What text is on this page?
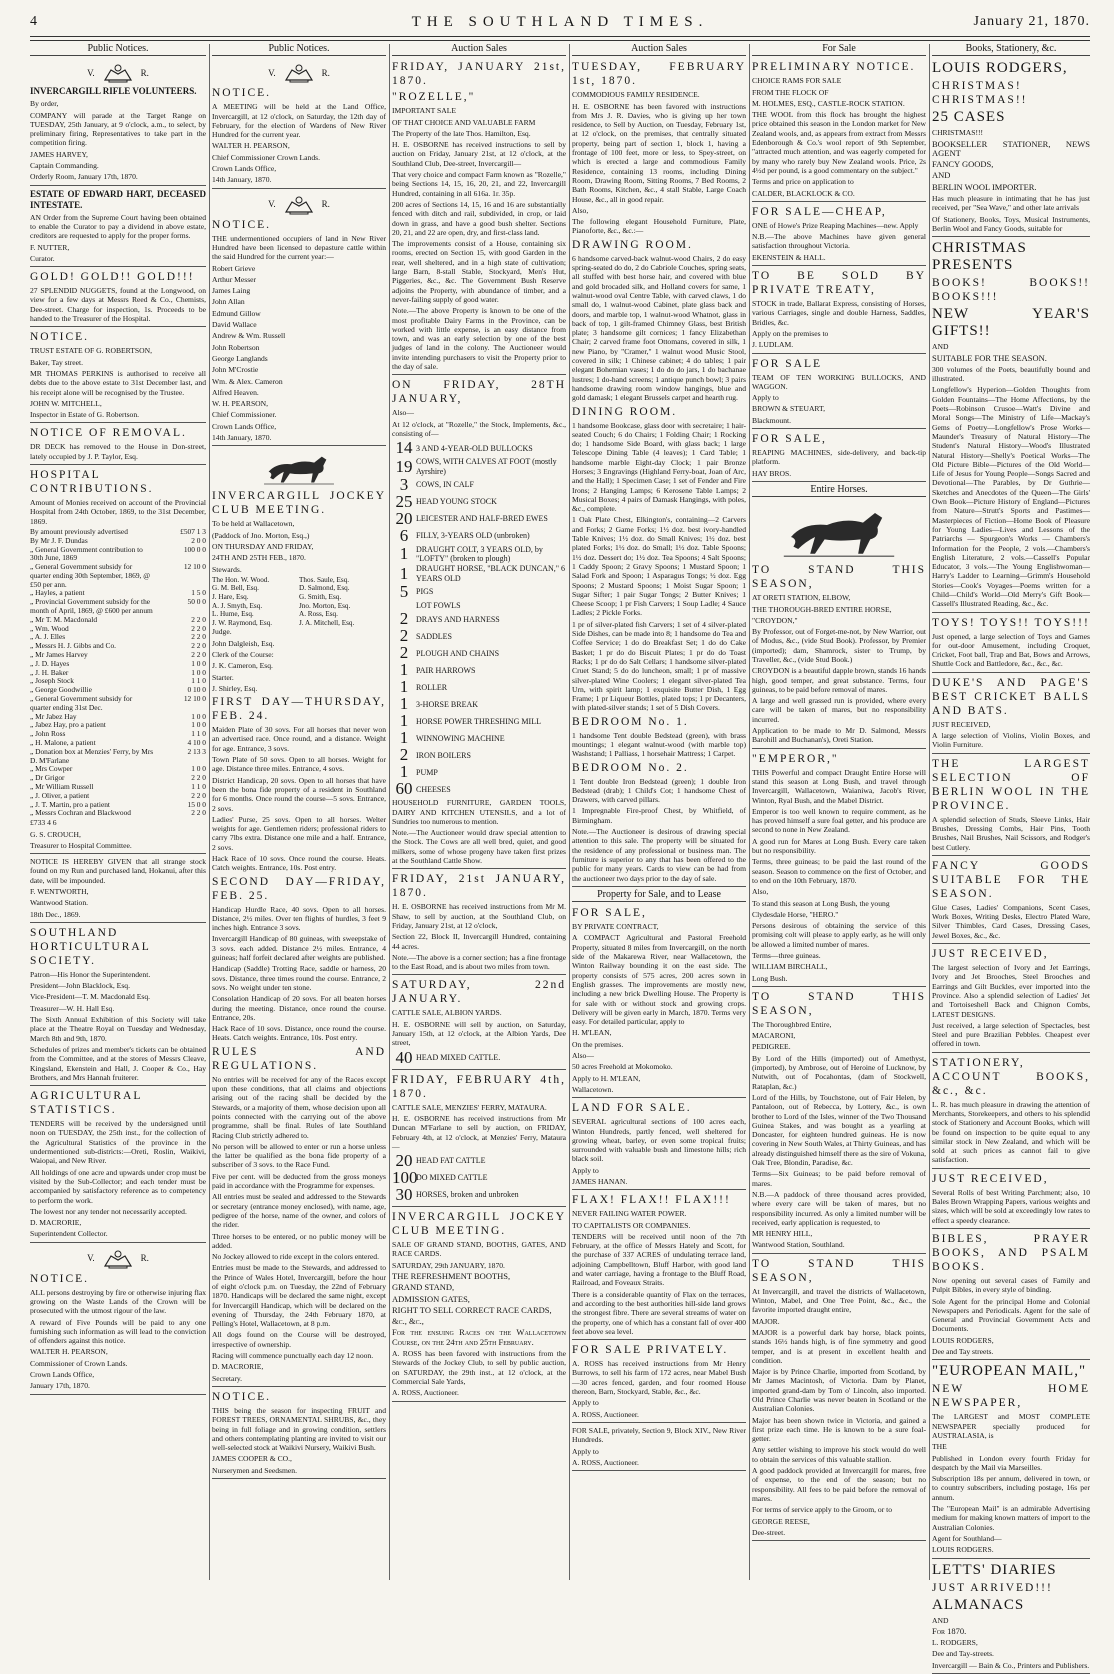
4	THE SOUTHLAND TIMES.	January 21, 1870.
Public Notices.
V.	R.

INVERCARGILL RIFLE VOLUNTEERS.

By order,

COMPANY will parade at the Target Range on TUESDAY, 25th January, at 9 o'clock, a.m., to select, by preliminary firing, Representatives to take part in the competition firing.

JAMES HARVEY,

Captain Commanding.

Orderly Room, January 17th, 1870.

ESTATE OF EDWARD HART, DECEASED INTESTATE.

AN Order from the Supreme Court having been obtained to enable the Curator to pay a dividend in above estate, creditors are requested to apply for the proper forms.

F. NUTTER,

Curator.

GOLD! GOLD!! GOLD!!!

27 SPLENDID NUGGETS, found at the Longwood, on view for a few days at Messrs Reed & Co., Chemists, Dee-street. Charge for inspection, 1s. Proceeds to be handed to the Treasurer of the Hospital.

NOTICE.

TRUST ESTATE OF G. ROBERTSON,

Baker, Tay street.

MR THOMAS PERKINS is authorised to receive all debts due to the above estate to 31st December last, and his receipt alone will be recognised by the Trustee.

JOHN W. MITCHELL,

Inspector in Estate of G. Robertson.

NOTICE OF REMOVAL.

DR DECK has removed to the House in Don-street, lately occupied by J. P. Taylor, Esq.

HOSPITAL CONTRIBUTIONS.

Amount of Monies received on account of the Provincial Hospital from 24th October, 1869, to the 31st December, 1869.

By amount previously advertised	£507 1 3
By Mr J. F. Dundas	2 0 0
„ General Government contribution to 30th June, 1869	100 0 0
„ General Government subsidy for quarter ending 30th September, 1869, @ £50 per ann.	12 10 0
„ Hayles, a patient	1 5 0
„ Provincial Government subsidy for the month of April, 1869, @ £600 per annum	50 0 0
„ Mr T. M. Macdonald	2 2 0
„ Wm. Wood	2 2 0
„ A. J. Elles	2 2 0
„ Messrs H. J. Gibbs and Co.	2 2 0
„ Mr James Harvey	2 2 0
„ J. D. Hayes	1 0 0
„ J. H. Baker	1 0 0
„ Joseph Stock	1 1 0
„ George Goodwillie	0 10 0
„ General Government subsidy for quarter ending 31st Dec.	12 10 0
„ Mr Jabez Hay	1 0 0
„ Jabez Hay, pro a patient	1 0 0
„ John Ross	1 1 0
„ H. Malone, a patient	4 10 0
„ Donation box at Menzies' Ferry, by Mrs D. M'Farlane	2 13 3
„ Mrs Cowper	1 0 0
„ Dr Grigor	2 2 0
„ Mr William Russell	1 1 0
„ J. Oliver, a patient	2 2 0
„ J. T. Martin, pro a patient	15 0 0
„ Messrs Cochran and Blackwood	2 2 0

£733 4 6

G. S. CROUCH,

Treasurer to Hospital Committee.

NOTICE IS HEREBY GIVEN that all strange stock found on my Run and purchased land, Hokanui, after this date, will be impounded.

F. WENTWORTH,

Wantwood Station.

18th Dec., 1869.

SOUTHLAND HORTICULTURAL SOCIETY.

Patron—His Honor the Superintendent.

President—John Blacklock, Esq.

Vice-President—T. M. Macdonald Esq.

Treasurer—W. H. Hall Esq.

The Sixth Annual Exhibition of this Society will take place at the Theatre Royal on Tuesday and Wednesday, March 8th and 9th, 1870.

Schedules of prizes and member's tickets can be obtained from the Committee, and at the stores of Messrs Cleave, Kingsland, Ekenstein and Hall, J. Cooper & Co., Hay Brothers, and Mrs Hannah fruiterer.

AGRICULTURAL STATISTICS.

TENDERS will be received by the undersigned until noon on TUESDAY, the 25th inst., for the collection of the Agricultural Statistics of the province in the undermentioned sub-districts:—Oreti, Roslin, Waikivi, Waiopai, and New River.

All holdings of one acre and upwards under crop must be visited by the Sub-Collector; and each tender must be accompanied by satisfactory reference as to competency to perform the work.

The lowest nor any tender not necessarily accepted.

D. MACRORIE,

Superintendent Collector.

V.	R.

NOTICE.

ALL persons destroying by fire or otherwise injuring flax growing on the Waste Lands of the Crown will be prosecuted with the utmost rigour of the law.

A reward of Five Pounds will be paid to any one furnishing such information as will lead to the conviction of offenders against this notice.

WALTER H. PEARSON,

Commissioner of Crown Lands.

Crown Lands Office,

January 17th, 1870.

Public Notices.
V.	R.

NOTICE.

A MEETING will be held at the Land Office, Invercargill, at 12 o'clock, on Saturday, the 12th day of February, for the election of Wardens of New River Hundred for the current year.

WALTER H. PEARSON,

Chief Commissioner Crown Lands.

Crown Lands Office,

14th January, 1870.

V.	R.

NOTICE.

THE undermentioned occupiers of land in New River Hundred have been licensed to depasture cattle within the said Hundred for the current year:—

Robert Grieve

Arthur Messer

James Laing

John Allan

Edmund Gillow

David Wallace

Andrew & Wm. Russell

John Robertson

George Langlands

John M'Crostie

Wm. & Alex. Cameron

Alfred Heaven.

W. H. PEARSON,

Chief Commissioner.

Crown Lands Office,

14th January, 1870.

INVERCARGILL JOCKEY CLUB MEETING.

To be held at Wallacetown,

(Paddock of Jno. Morton, Esq.,)

ON THURSDAY AND FRIDAY,

24TH AND 25TH FEB., 1870.

Stewards.

The Hon. W. Wood.	Thos. Saule, Esq.
G. M. Bell, Esq.	D. Salmond, Esq.
J. Hare, Esq.	G. Smith, Esq.
A. J. Smyth, Esq.	Jno. Morton, Esq.
L. Hume, Esq.	A. Ross, Esq.
J. W. Raymond, Esq.	J. A. Mitchell, Esq.

Judge.

John Dalgleish, Esq.

Clerk of the Course:

J. K. Cameron, Esq.

Starter.

J. Shirley, Esq.

FIRST DAY—THURSDAY, FEB. 24.

Maiden Plate of 30 sovs. For all horses that never won an advertised race. Once round, and a distance. Weight for age. Entrance, 3 sovs.

Town Plate of 50 sovs. Open to all horses. Weight for age. Distance three miles. Entrance, 4 sovs.

District Handicap, 20 sovs. Open to all horses that have been the bona fide property of a resident in Southland for 6 months. Once round the course—5 sovs. Entrance, 2 sovs.

Ladies' Purse, 25 sovs. Open to all horses. Welter weights for age. Gentlemen riders; professional riders to carry 7lbs extra. Distance one mile and a half. Entrance, 2 sovs.

Hack Race of 10 sovs. Once round the course. Heats. Catch weights. Entrance, 10s. Post entry.

SECOND DAY—FRIDAY, FEB. 25.

Handicap Hurdle Race, 40 sovs. Open to all horses. Distance, 2½ miles. Over ten flights of hurdles, 3 feet 9 inches high. Entrance 3 sovs.

Invercargill Handicap of 80 guineas, with sweepstake of 3 sovs. each added. Distance 2½ miles. Entrance, 4 guineas; half forfeit declared after weights are published.

Handicap (Saddle) Trotting Race, saddle or harness, 20 sovs. Distance, three times round the course. Entrance, 2 sovs. No weight under ten stone.

Consolation Handicap of 20 sovs. For all beaten horses during the meeting. Distance, once round the course. Entrance, 20s.

Hack Race of 10 sovs. Distance, once round the course. Heats. Catch weights. Entrance, 10s. Post entry.

RULES AND REGULATIONS.

No entries will be received for any of the Races except upon these conditions, that all claims and objections arising out of the racing shall be decided by the Stewards, or a majority of them, whose decision upon all points connected with the carrying out of the above programme, shall be final. Rules of late Southland Racing Club strictly adhered to.

No person will be allowed to enter or run a horse unless the latter be qualified as the bona fide property of a subscriber of 3 sovs. to the Race Fund.

Five per cent. will be deducted from the gross moneys paid in accordance with the Programme for expenses.

All entries must be sealed and addressed to the Stewards or secretary (entrance money enclosed), with name, age, pedigree of the horse, name of the owner, and colors of the rider.

Three horses to be entered, or no public money will be added.

No Jockey allowed to ride except in the colors entered.

Entries must be made to the Stewards, and addressed to the Prince of Wales Hotel, Invercargill, before the hour of eight o'clock p.m. on Tuesday, the 22nd of February 1870. Handicaps will be declared the same night, except for Invercargill Handicap, which will be declared on the evening of Thursday, the 24th February 1870, at Pelling's Hotel, Wallacetown, at 8 p.m.

All dogs found on the Course will be destroyed, irrespective of ownership.

Racing will commence punctually each day 12 noon.

D. MACRORIE,

Secretary.

NOTICE.

THIS being the season for inspecting FRUIT and FOREST TREES, ORNAMENTAL SHRUBS, &c., they being in full foliage and in growing condition, settlers and others contemplating planting are invited to visit our well-selected stock at Waikivi Nursery, Waikivi Bush.

JAMES COOPER & CO.,

Nurserymen and Seedsmen.

Auction Sales

FRIDAY, JANUARY 21st, 1870.

"ROZELLE,"

IMPORTANT SALE

OF THAT CHOICE AND VALUABLE FARM

The Property of the late Thos. Hamilton, Esq.

H. E. OSBORNE has received instructions to sell by auction on Friday, January 21st, at 12 o'clock, at the Southland Club, Dee-street, Invercargill—

That very choice and compact Farm known as "Rozelle," being Sections 14, 15, 16, 20, 21, and 22, Invercargill Hundred, containing in all 616a. 1r. 35p.

200 acres of Sections 14, 15, 16 and 16 are substantially fenced with ditch and rail, subdivided, in crop, or laid down in grass, and have a good bush shelter. Sections 20, 21, and 22 are open, dry, and first-class land.

The improvements consist of a House, containing six rooms, erected on Section 15, with good Garden in the rear, well sheltered, and in a high state of cultivation; large Barn, 8-stall Stable, Stockyard, Men's Hut, Piggeries, &c., &c. The Government Bush Reserve adjoins the Property, with abundance of timber, and a never-failing supply of good water.

Note.—The above Property is known to be one of the most profitable Dairy Farms in the Province, can be worked with little expense, is an easy distance from town, and was an early selection by one of the best judges of land in the colony. The Auctioneer would invite intending purchasers to visit the Property prior to the day of sale.

ON FRIDAY, 28TH JANUARY,

Also—

At 12 o'clock, at "Rozelle," the Stock, Implements, &c., consisting of—

14 3 AND 4-YEAR-OLD BULLOCKS
19 COWS, WITH CALVES AT FOOT (mostly Ayrshire)
3 COWS, IN CALF
25 HEAD YOUNG STOCK
20 LEICESTER AND HALF-BRED EWES
6 FILLY, 3-YEARS OLD (unbroken)
1 DRAUGHT COLT, 3 YEARS OLD, by "LOFTY" (broken to plough)
1 DRAUGHT HORSE, "BLACK DUNCAN," 6 YEARS OLD
5 PIGS
LOT FOWLS
2 DRAYS AND HARNESS
2 SADDLES
2 PLOUGH AND CHAINS
1 PAIR HARROWS
1 ROLLER
1 3-HORSE BREAK
1 HORSE POWER THRESHING MILL
1 WINNOWING MACHINE
2 IRON BOILERS
1 PUMP
60 CHEESES

HOUSEHOLD FURNITURE, GARDEN TOOLS, DAIRY AND KITCHEN UTENSILS, and a lot of Sundries too numerous to mention.

Note.—The Auctioneer would draw special attention to the Stock. The Cows are all well bred, quiet, and good milkers, some of whose progeny have taken first prizes at the Southland Cattle Show.

FRIDAY, 21st JANUARY, 1870.

H. E. OSBORNE has received instructions from Mr M. Shaw, to sell by auction, at the Southland Club, on Friday, January 21st, at 12 o'clock,

Section 22, Block II, Invercargill Hundred, containing 44 acres.

Note.—The above is a corner section; has a fine frontage to the East Road, and is about two miles from town.

SATURDAY, 22nd JANUARY.

CATTLE SALE, ALBION YARDS.

H. E. OSBORNE will sell by auction, on Saturday, January 15th, at 12 o'clock, at the Albion Yards, Dee street,

40 HEAD MIXED CATTLE.

FRIDAY, FEBRUARY 4th, 1870.

CATTLE SALE, MENZIES' FERRY, MATAURA.

H. E. OSBORNE has received instructions from Mr Duncan M'Farlane to sell by auction, on FRIDAY, February 4th, at 12 o'clock, at Menzies' Ferry, Mataura—

20 HEAD FAT CATTLE
100
DO MIXED CATTLE
30 HORSES, broken and unbroken

INVERCARGILL JOCKEY CLUB MEETING.

SALE OF GRAND STAND, BOOTHS, GATES, AND RACE CARDS.

SATURDAY, 29th JANUARY, 1870.

THE REFRESHMENT BOOTHS,

GRAND STAND,

ADMISSION GATES,

RIGHT TO SELL CORRECT RACE CARDS,

&c., &c.,

For the ensuing Races on the Wallacetown Course, on the 24th and 25th February.

A. ROSS has been favored with instructions from the Stewards of the Jockey Club, to sell by public auction, on SATURDAY, the 29th inst., at 12 o'clock, at the Commercial Sale Yards,

A. ROSS, Auctioneer.

Auction Sales

TUESDAY, FEBRUARY 1st, 1870.

COMMODIOUS FAMILY RESIDENCE.

H. E. OSBORNE has been favored with instructions from Mrs J. R. Davies, who is giving up her town residence, to Sell by Auction, on Tuesday, February 1st, at 12 o'clock, on the premises, that centrally situated property, being part of section 1, block 1, having a frontage of 100 feet, more or less, to Spey-street, on which is erected a large and commodious Family Residence, containing 13 rooms, including Dining Room, Drawing Room, Sitting Rooms, 7 Bed Rooms, 2 Bath Rooms, Kitchen, &c., 4 stall Stable, Large Coach House, &c., all in good repair.

Also,

The following elegant Household Furniture, Plate, Pianoforte, &c., &c.:—

DRAWING ROOM.

6 handsome carved-back walnut-wood Chairs, 2 do easy spring-seated do do, 2 do Cabriole Couches, spring seats, all stuffed with best horse hair, and covered with blue and gold brocaded silk, and Holland covers for same, 1 walnut-wood oval Centre Table, with carved claws, 1 do small do, 1 walnut-wood Cabinet, plate glass back and doors, and marble top, 1 walnut-wood Whatnot, glass in back of top, 1 gilt-framed Chimney Glass, best British plate; 3 handsome gilt cornices; 1 fancy Elizabethan Chair; 2 carved frame foot Ottomans, covered in silk, 1 new Piano, by "Cramer," 1 walnut wood Music Stool, covered in silk; 1 Chinese cabinet; 4 do tables; 1 pair elegant Bohemian vases; 1 do do do jars, 1 do bachanae lustres; 1 do-hand screens; 1 antique punch bowl; 3 pairs handsome drawing room window hangings, blue and gold damask; 1 elegant Brussels carpet and hearth rug.

DINING ROOM.

1 handsome Bookcase, glass door with secretaire; 1 hair-seated Couch; 6 do Chairs; 1 Folding Chair; 1 Rocking do; 1 handsome Side Board, with glass back; 1 large Telescope Dining Table (4 leaves); 1 Card Table; 1 handsome marble Eight-day Clock; 1 pair Bronze Horses; 3 Engravings (Highland Ferry-boat, Joan of Arc, and the Hall); 1 Specimen Case; 1 set of Fender and Fire Irons; 2 Hanging Lamps; 6 Kerosene Table Lamps; 2 Musical Boxes; 4 pairs of Damask Hangings, with poles, &c., complete.

1 Oak Plate Chest, Elkington's, containing—2 Carvers and Forks; 2 Game Forks; 1½ doz. best ivory-handled Table Knives; 1½ doz. do Small Knives; 1½ doz. best plated Forks; 1½ doz. do Small; 1½ doz. Table Spoons; 1½ doz. Dessert do; 1½ doz. Tea Spoons; 4 Salt Spoons; 1 Caddy Spoon; 2 Gravy Spoons; 1 Mustard Spoon; 1 Salad Fork and Spoon; 1 Asparagus Tongs; ½ doz. Egg Spoons; 2 Mustard Spoons; 1 Moist Sugar Spoon; 1 Sugar Sifter; 1 pair Sugar Tongs; 2 Butter Knives; 1 Cheese Scoop; 1 pr Fish Carvers; 1 Soup Ladle; 4 Sauce Ladles; 2 Pickle Forks.

1 pr of silver-plated fish Carvers; 1 set of 4 silver-plated Side Dishes, can be made into 8; 1 handsome do Tea and Coffee Service; 1 do do Breakfast Set; 1 do do Cake Basket; 1 pr do do Biscuit Plates; 1 pr do do Toast Racks; 1 pr do do Salt Cellars; 1 handsome silver-plated Cruet Stand; 5 do do luncheon, small; 1 pr of massive silver-plated Wine Coolers; 1 elegant silver-plated Tea Urn, with spirit lamp; 1 exquisite Butter Dish, 1 Egg Frame; 1 pr Liqueur Bottles, plated tops; 1 pr Decanters, with plated-silver stands; 1 set of 5 Dish Covers.

BEDROOM No. 1.

1 handsome Tent double Bedstead (green), with brass mountings; 1 elegant walnut-wood (with marble top) Washstand; 1 Palliass, 1 horsehair Mattress; 1 Carpet.

BEDROOM No. 2.

1 Tent double Iron Bedstead (green); 1 double Iron Bedstead (drab); 1 Child's Cot; 1 handsome Chest of Drawers, with carved pillars.

1 Impregnable Fire-proof Chest, by Whitfield, of Birmingham.

Note.—The Auctioneer is desirous of drawing special attention to this sale. The property will be situated for the residence of any professional or business man. The furniture is superior to any that has been offered to the public for many years. Cards to view can be had from the auctioneer two days prior to the day of sale.

Property for Sale, and to Lease

FOR SALE,

BY PRIVATE CONTRACT,

A COMPACT Agricultural and Pastoral Freehold Property, situated 8 miles from Invercargill, on the north side of the Makarewa River, near Wallacetown, the Winton Railway bounding it on the east side. The property consists of 575 acres, 200 acres sown in English grasses. The improvements are mostly new, including a new brick Dwelling House. The Property is for sale with or without stock and growing crops. Delivery will be given early in March, 1870. Terms very easy. For detailed particular, apply to

H. M'LEAN,

On the premises.

Also—

50 acres Freehold at Mokomoko.

Apply to H. M'LEAN,

Wallacetown.

LAND FOR SALE.

SEVERAL agricultural sections of 100 acres each, Winton Hundreds, partly fenced, well sheltered for growing wheat, barley, or even some tropical fruits; surrounded with valuable bush and limestone hills; rich black soil.

Apply to

JAMES HANAN.

FLAX! FLAX!! FLAX!!!

NEVER FAILING WATER POWER.

TO CAPITALISTS OR COMPANIES.

TENDERS will be received until noon of the 7th February, at the office of Messrs Hately and Scott, for the purchase of 337 ACRES of undulating terrace land, adjoining Campbelltown, Bluff Harbor, with good land and water carriage, having a frontage to the Bluff Road, Railroad, and Foveaux Straits.

There is a considerable quantity of Flax on the terraces, and according to the best authorities hill-side land grows the strongest fibre. There are several streams of water on the property, one of which has a constant fall of over 400 feet above sea level.

FOR SALE PRIVATELY.

A. ROSS has received instructions from Mr Henry Burrows, to sell his farm of 172 acres, near Mabel Bush—30 acres fenced, garden, and four roomed House thereon, Barn, Stockyard, Stable, &c., &c.

Apply to

A. ROSS, Auctioneer.

FOR SALE, privately, Section 9, Block XIV., New River Hundreds.

Apply to

A. ROSS, Auctioneer.

For Sale

PRELIMINARY NOTICE.

CHOICE RAMS FOR SALE

FROM THE FLOCK OF

M. HOLMES, ESQ., CASTLE-ROCK STATION.

THE WOOL from this flock has brought the highest price obtained this season in the London market for New Zealand wools, and, as appears from extract from Messrs Edenborough & Co.'s wool report of 9th September, "attracted much attention, and was eagerly competed for by many who rarely buy New Zealand wools. Price, 2s 4½d per pound, is a good commentary on the subject."

Terms and price on application to

CALDER, BLACKLOCK & CO.

FOR SALE—CHEAP,

ONE of Howe's Prize Reaping Machines—new. Apply

N.B.—The above Machines have given general satisfaction throughout Victoria.

EKENSTEIN & HALL.

TO BE SOLD BY PRIVATE TREATY,

STOCK in trade, Ballarat Express, consisting of Horses, various Carriages, single and double Harness, Saddles, Bridles, &c.

Apply on the premises to

J. LUDLAM.

FOR SALE

TEAM OF TEN WORKING BULLOCKS, AND WAGGON.

Apply to

BROWN & STEUART,

Blackmount.

FOR SALE,

REAPING MACHINES, side-delivery, and back-tip platform.

HAY BROS.

Entire Horses.

TO STAND THIS SEASON,

AT ORETI STATION, ELBOW,

THE THOROUGH-BRED ENTIRE HORSE,

"CROYDON,"

By Professor, out of Forget-me-not, by New Warrior, out of Modus, &c., (vide Stud Book). Professor, by Premier (imported); dam, Shamrock, sister to Trump, by Traveller, &c., (vide Stud Book.)

CROYDON is a beautiful dapple brown, stands 16 hands high, good temper, and great substance. Terms, four guineas, to be paid before removal of mares.

A large and well grassed run is provided, where every care will be taken of mares, but no responsibility incurred.

Application to be made to Mr D. Salmond, Messrs Barohill and Buchanan's), Oreti Station.

"EMPEROR,"

THIS Powerful and compact Draught Entire Horse will stand this season at Long Bush, and travel through Invercargill, Wallacetown, Waianiwa, Jacob's River, Winton, Ryal Bush, and the Mabel District.

Emperor is too well known to require comment, as he has proved himself a sure foal getter, and his produce are second to none in New Zealand.

A good run for Mares at Long Bush. Every care taken but no responsibility.

Terms, three guineas; to be paid the last round of the season. Season to commence on the first of October, and to end on the 10th February, 1870.

Also,

To stand this season at Long Bush, the young

Clydesdale Horse, "HERO."

Persons desirous of obtaining the service of this promising colt will please to apply early, as he will only be allowed a limited number of mares.

Terms—three guineas.

WILLIAM BIRCHALL,

Long Bush.

TO STAND THIS SEASON,

The Thoroughbred Entire,

MACARONI,

PEDIGREE.

By Lord of the Hills (imported) out of Amethyst, (imported), by Ambrose, out of Heroine of Lucknow, by Nutwith, out of Pocahontas, (dam of Stockwell, Rataplan, &c.)

Lord of the Hills, by Touchstone, out of Fair Helen, by Pantaloon, out of Rebecca, by Lottery, &c., is own brother to Lord of the Isles, winner of the Two Thousand Guinea Stakes, and was bought as a yearling at Doncaster, for eighteen hundred guineas. He is now covering in New South Wales, at Thirty Guineas, and has already distinguished himself there as the sire of Vokuna, Oak Tree, Blondin, Paradise, &c.

Terms—Six Guineas; to be paid before removal of mares.

N.B.—A paddock of three thousand acres provided, where every care will be taken of mares, but no responsibility incurred. As only a limited number will be received, early application is requested, to

MR HENRY HILL,

Wantwood Station, Southland.

TO STAND THIS SEASON,

At Invercargill, and travel the districts of Wallacetown, Winton, Mabel, and One Tree Point, &c., &c., the favorite imported draught entire,

MAJOR.

MAJOR is a powerful dark bay horse, black points, stands 16½ hands high, is of fine symmetry and good temper, and is at present in excellent health and condition.

Major is by Prince Charlie, imported from Scotland, by Mr James Macintosh, of Victoria. Dam by Planet, imported grand-dam by Tom o' Lincoln, also imported. Old Prince Charlie was never beaten in Scotland or the Australian Colonies.

Major has been shown twice in Victoria, and gained a first prize each time. He is known to be a sure foal-getter.

Any settler wishing to improve his stock would do well to obtain the services of this valuable stallion.

A good paddock provided at Invercargill for mares, free of expense, to the end of the season; but no responsibility. All fees to be paid before the removal of mares.

For terms of service apply to the Groom, or to

GEORGE REESE,

Dee-street.

Books, Stationery, &c.

LOUIS RODGERS,

CHRISTMAS! CHRISTMAS!!

25 CASES

CHRISTMAS!!!

BOOKSELLER STATIONER, NEWS AGENT

FANCY GOODS,

AND

BERLIN WOOL IMPORTER.

Has much pleasure in intimating that he has just received, per "Sea Wave," and other late arrivals

Of Stationery, Books, Toys, Musical Instruments, Berlin Wool and Fancy Goods, suitable for

CHRISTMAS PRESENTS

BOOKS! BOOKS!! BOOKS!!!

NEW YEAR'S GIFTS!!

AND

SUITABLE FOR THE SEASON.

300 volumes of the Poets, beautifully bound and illustrated.

Longfellow's Hyperion—Golden Thoughts from Golden Fountains—The Home Affections, by the Poets—Robinson Crusoe—Watt's Divine and Moral Songs—The Ministry of Life—Mackay's Gems of Poetry—Longfellow's Prose Works—Maunder's Treasury of Natural History—The Student's Natural History—Wood's Illustrated Natural History—Shelly's Poetical Works—The Old Picture Bible—Pictures of the Old World—Life of Jesus for Young People—Songs Sacred and Devotional—The Parables, by Dr Guthrie—Sketches and Anecdotes of the Queen—The Girls' Own Book—Picture History of England—Pictures from Nature—Strutt's Sports and Pastimes—Masterpieces of Fiction—Home Book of Pleasure for Young Ladies—Lives and Lessons of the Patriarchs — Spurgeon's Works — Chambers's Information for the People, 2 vols.—Chambers's English Literature, 2 vols.—Cassell's Popular Educator, 3 vols.—The Young Englishwoman—Harry's Ladder to Learning—Grimm's Household Stories—Cook's Voyages—Poems written for a Child—Child's World—Old Merry's Gift Book—Cassell's Illustrated Reading, &c., &c.

TOYS! TOYS!! TOYS!!!

Just opened, a large selection of Toys and Games for out-door Amusement, including Croquet, Cricket, Foot ball, Trap and Bat, Bows and Arrows, Shuttle Cock and Battledore, &c., &c., &c.

DUKE'S AND PAGE'S BEST CRICKET BALLS AND BATS.

JUST RECEIVED,

A large selection of Violins, Violin Boxes, and Violin Furniture.

THE LARGEST SELECTION OF BERLIN WOOL IN THE PROVINCE.

A splendid selection of Studs, Sleeve Links, Hair Brushes, Dressing Combs, Hair Pins, Tooth Brushes, Nail Brushes, Nail Scissors, and Rodger's best Cutlery.

FANCY GOODS SUITABLE FOR THE SEASON.

Glue Cases, Ladies' Companions, Scent Cases, Work Boxes, Writing Desks, Electro Plated Ware, Silver Thimbles, Card Cases, Dressing Cases, Jewel Boxes, &c., &c.

JUST RECEIVED,

The largest selection of Ivory and Jet Earrings, Ivory and Jet Brooches, Steel Brooches and Earrings and Gilt Buckles, ever imported into the Province. Also a splendid selection of Ladies' Jet and Tortoiseshell Back and Chignon Combs, LATEST DESIGNS.

Just received, a large selection of Spectacles, best Steel and pure Brazilian Pebbles. Cheapest ever offered in town.

STATIONERY, ACCOUNT BOOKS, &c., &c.

L. R. has much pleasure in drawing the attention of Merchants, Storekeepers, and others to his splendid stock of Stationery and Account Books, which will be found on inspection to be quite equal to any similar stock in New Zealand, and which will be sold at such prices as cannot fail to give satisfaction.

JUST RECEIVED,

Several Rolls of best Writing Parchment; also, 10 Bales Brown Wrapping Papers, various weights and sizes, which will be sold at exceedingly low rates to effect a speedy clearance.

BIBLES, PRAYER BOOKS, AND PSALM BOOKS.

Now opening out several cases of Family and Pulpit Bibles, in every style of binding.

Sole Agent for the principal Home and Colonial Newspapers and Periodicals. Agent for the sale of General and Provincial Government Acts and Documents.

LOUIS RODGERS,

Dee and Tay streets.

"EUROPEAN MAIL,"

NEW HOME NEWSPAPER,

The LARGEST and MOST COMPLETE NEWSPAPER specially produced for AUSTRALASIA, is

THE

Published in London every fourth Friday for despatch by the Mail via Marseilles.

Subscription 18s per annum, delivered in town, or to country subscribers, including postage, 16s per annum.

The "European Mail" is an admirable Advertising medium for making known matters of import to the Australian Colonies.

Agent for Southland—

LOUIS RODGERS.

LETTS' DIARIES

JUST ARRIVED!!!

ALMANACS

AND

For 1870.

L. RODGERS,

Dee and Tay-streets.

Invercargill — Bain & Co., Printers and Publishers.
